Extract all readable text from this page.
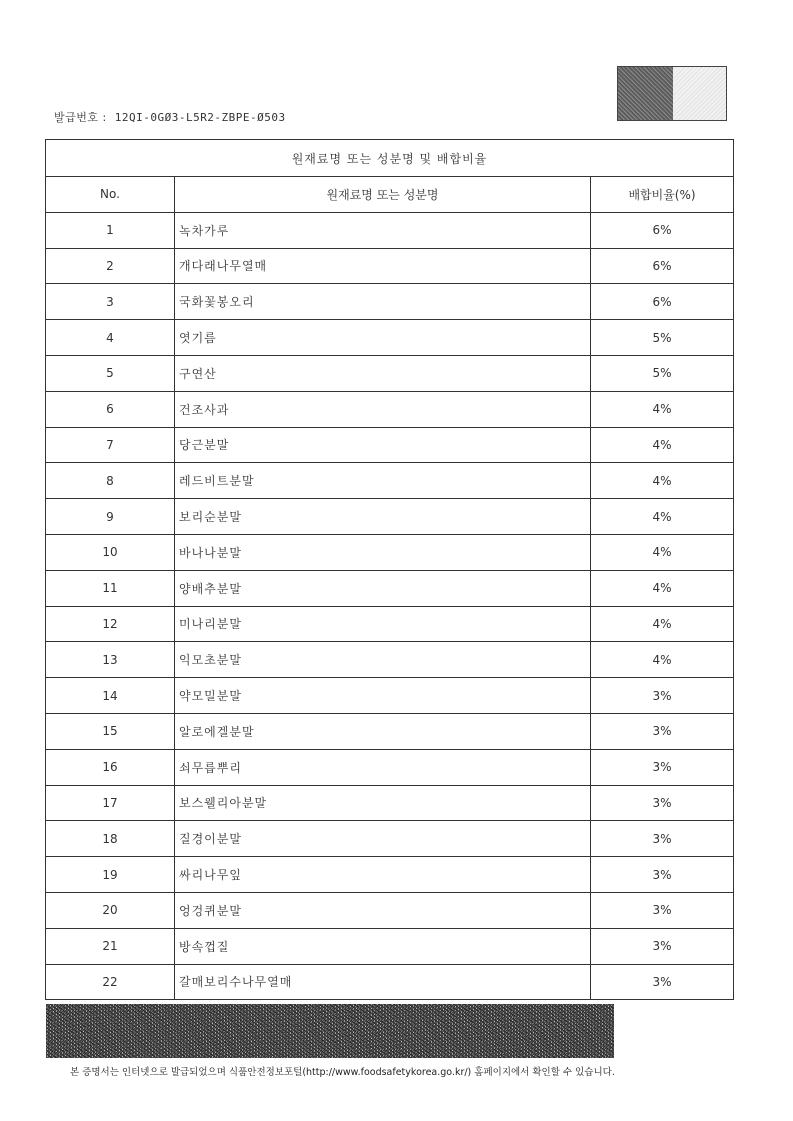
발급번호 : 12QI-0GØ3-L5R2-ZBPE-Ø503
원재료명 또는 성분명 및 배합비율		
No.	원재료명 또는 성분명	배합비율(%)
1	녹차가루	6%
2	개다래나무열매	6%
3	국화꽃봉오리	6%
4	엿기름	5%
5	구연산	5%
6	건조사과	4%
7	당근분말	4%
8	레드비트분말	4%
9	보리순분말	4%
10	바나나분말	4%
11	양배추분말	4%
12	미나리분말	4%
13	익모초분말	4%
14	약모밀분말	3%
15	알로에겔분말	3%
16	쇠무릅뿌리	3%
17	보스웰리아분말	3%
18	질경이분말	3%
19	싸리나무잎	3%
20	엉겅퀴분말	3%
21	방속껍질	3%
22	갈매보리수나무열매	3%
본 증명서는 인터넷으로 발급되었으며 식품안전정보포털(http://www.foodsafetykorea.go.kr/) 홈페이지에서 확인할 수 있습니다.
